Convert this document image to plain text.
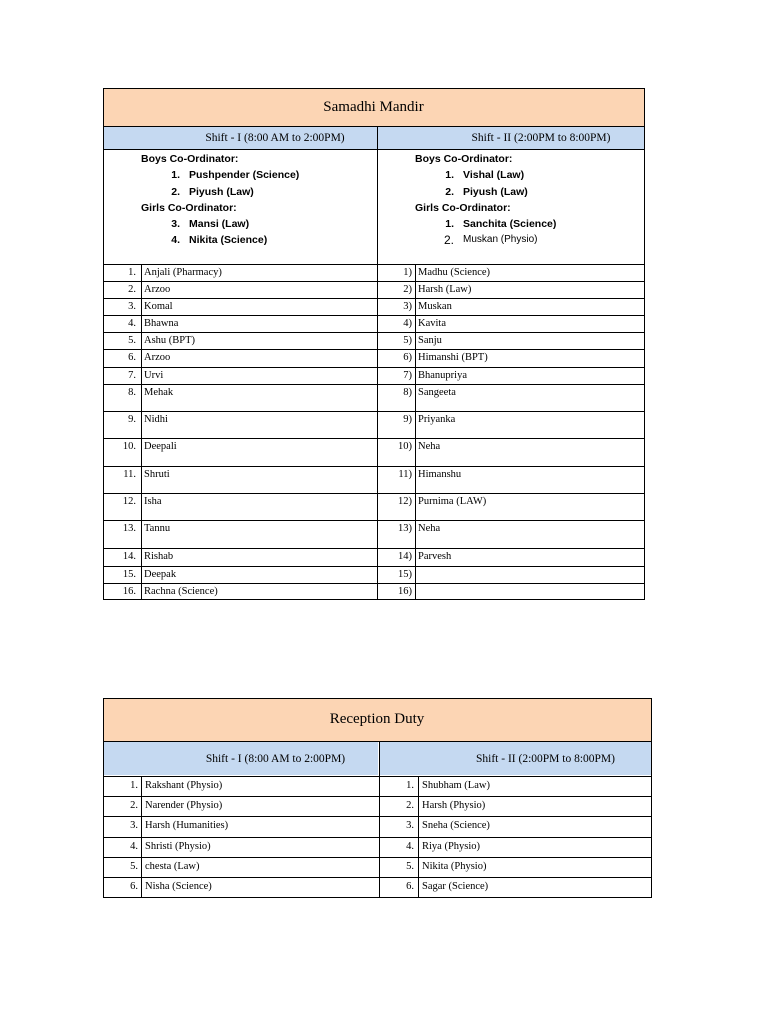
Samadhi Mandir
Shift - I (8:00 AM to 2:00PM)	Shift - II (2:00PM to 8:00PM)
Boys Co-Ordinator:
1. Pushpender (Science)
2. Piyush (Law)
Girls Co-Ordinator:
3. Mansi (Law)
4. Nikita (Science)
Boys Co-Ordinator:
1. Vishal (Law)
2. Piyush (Law)
Girls Co-Ordinator:
1. Sanchita (Science)
2. Muskan (Physio)
1. Anjali (Pharmacy)	1) Madhu (Science)
2. Arzoo	2) Harsh (Law)
3. Komal	3) Muskan
4. Bhawna	4) Kavita
5. Ashu (BPT)	5) Sanju
6. Arzoo	6) Himanshi (BPT)
7. Urvi	7) Bhanupriya
8. Mehak	8) Sangeeta
9. Nidhi	9) Priyanka
10. Deepali	10) Neha
11. Shruti	11) Himanshu
12. Isha	12) Purnima (LAW)
13. Tannu	13) Neha
14. Rishab	14) Parvesh
15. Deepak	15)
16. Rachna (Science)	16)
Reception Duty
Shift - I (8:00 AM to 2:00PM)	Shift - II (2:00PM to 8:00PM)
1. Rakshant (Physio)	1. Shubham (Law)
2. Narender (Physio)	2. Harsh (Physio)
3. Harsh (Humanities)	3. Sneha (Science)
4. Shristi (Physio)	4. Riya (Physio)
5. chesta (Law)	5. Nikita (Physio)
6. Nisha (Science)	6. Sagar (Science)
